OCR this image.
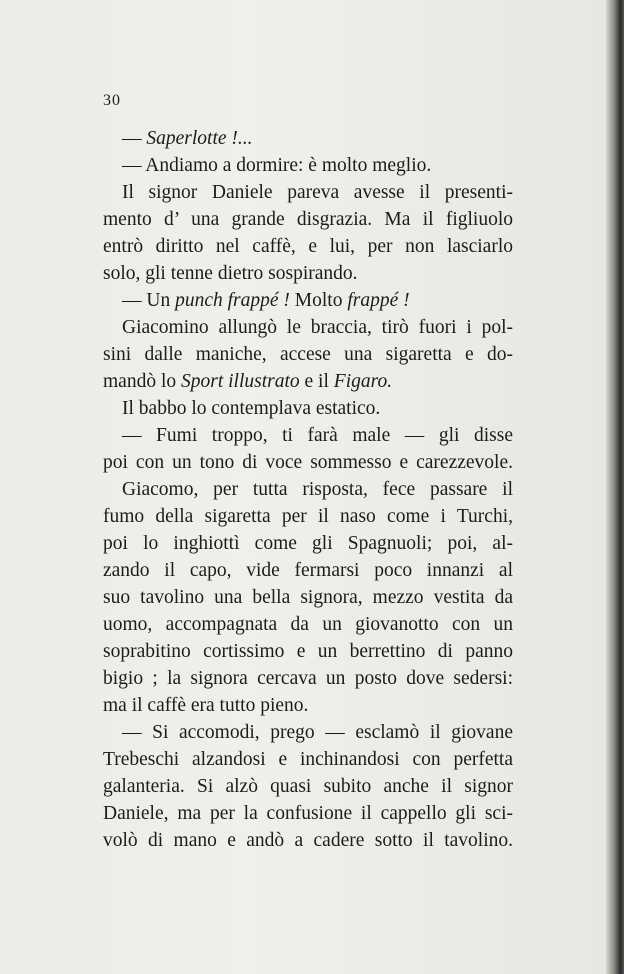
30
— Saperlotte !...
— Andiamo a dormire: è molto meglio.
Il signor Daniele pareva avesse il presenti-
mento d’ una grande disgrazia. Ma il figliuolo
entrò diritto nel caffè, e lui, per non lasciarlo
solo, gli tenne dietro sospirando.
— Un punch frappé ! Molto frappé !
Giacomino allungò le braccia, tirò fuori i pol-
sini dalle maniche, accese una sigaretta e do-
mandò lo Sport illustrato e il Figaro.
Il babbo lo contemplava estatico.
— Fumi troppo, ti farà male — gli disse
poi con un tono di voce sommesso e carezzevole.
Giacomo, per tutta risposta, fece passare il
fumo della sigaretta per il naso come i Turchi,
poi lo inghiottì come gli Spagnuoli; poi, al-
zando il capo, vide fermarsi poco innanzi al
suo tavolino una bella signora, mezzo vestita da
uomo, accompagnata da un giovanotto con un
soprabitino cortissimo e un berrettino di panno
bigio ; la signora cercava un posto dove sedersi:
ma il caffè era tutto pieno.
— Si accomodi, prego — esclamò il giovane
Trebeschi alzandosi e inchinandosi con perfetta
galanteria. Si alzò quasi subito anche il signor
Daniele, ma per la confusione il cappello gli sci-
volò di mano e andò a cadere sotto il tavolino.
